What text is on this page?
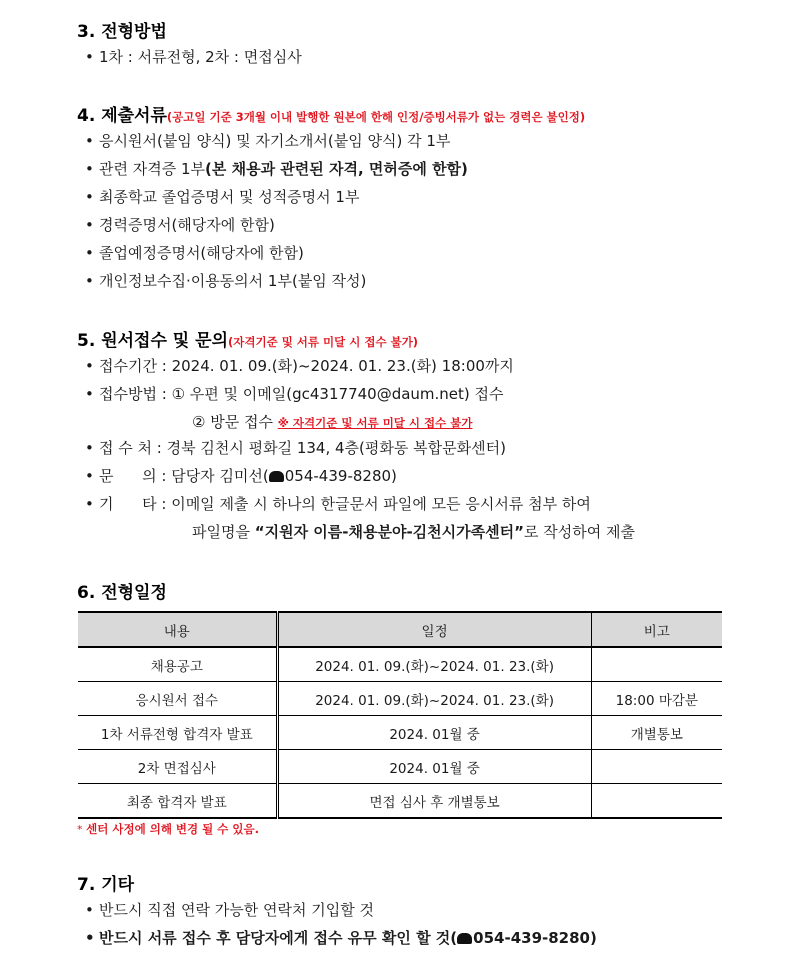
3. 전형방법
• 1차 : 서류전형, 2차 : 면접심사
4. 제출서류(공고일 기준 3개월 이내 발행한 원본에 한해 인정/증빙서류가 없는 경력은 불인정)
• 응시원서(붙임 양식) 및 자기소개서(붙임 양식) 각 1부
• 관련 자격증 1부(본 채용과 관련된 자격, 면허증에 한함)
• 최종학교 졸업증명서 및 성적증명서 1부
• 경력증명서(해당자에 한함)
• 졸업예정증명서(해당자에 한함)
• 개인정보수집·이용동의서 1부(붙임 작성)
5. 원서접수 및 문의(자격기준 및 서류 미달 시 접수 불가)
• 접수기간 : 2024. 01. 09.(화)~2024. 01. 23.(화) 18:00까지
• 접수방법 : ① 우편 및 이메일(gc4317740@daum.net) 접수
② 방문 접수 ※ 자격기준 및 서류 미달 시 접수 불가
• 접 수 처 : 경북 김천시 평화길 134, 4층(평화동 복합문화센터)
• 문      의 : 담당자 김미선( 054-439-8280)
• 기      타 : 이메일 제출 시 하나의 한글문서 파일에 모든 응시서류 첨부 하여
파일명을 “지원자 이름-채용분야-김천시가족센터”로 작성하여 제출
6. 전형일정
내용	일정	비고
채용공고	2024. 01. 09.(화)~2024. 01. 23.(화)	
응시원서 접수	2024. 01. 09.(화)~2024. 01. 23.(화)	18:00 마감분
1차 서류전형 합격자 발표	2024. 01월 중	개별통보
2차 면접심사	2024. 01월 중	
최종 합격자 발표	면접 심사 후 개별통보	
* 센터 사정에 의해 변경 될 수 있음.
7. 기타
• 반드시 직접 연락 가능한 연락처 기입할 것
• 반드시 서류 접수 후 담당자에게 접수 유무 확인 할 것( 054-439-8280)
